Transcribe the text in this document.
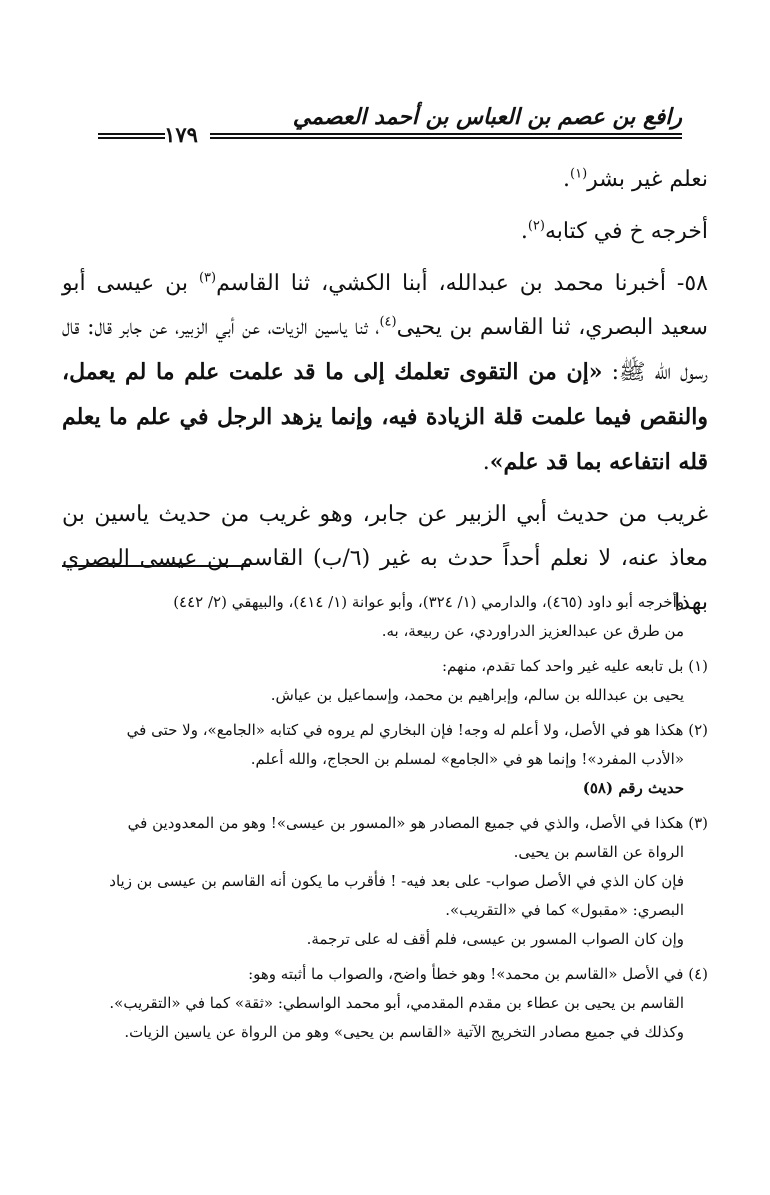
رافع بن عصم بن العباس بن أحمد العصمي
١٧٩

نعلم غير بشر$^{(١)}$.

أخرجه خ في كتابه$^{(٢)}$.

٥٨- أخبرنا محمد بن عبدالله، أبنا الكشي، ثنا القاسم$^{(٣)}$ بن عيسى أبو سعيد البصري، ثنا القاسم بن يحيى$^{(٤)}$، ثنا ياسين الزيات، عن أبي الزبير، عن جابر قال: قال رسول الله ﷺ: «إن من التقوى تعلمك إلى ما قد علمت علم ما لم يعمل، والنقص فيما علمت قلة الزيادة فيه، وإنما يزهد الرجل في علم ما يعلم قله انتفاعه بما قد علم».

غريب من حديث أبي الزبير عن جابر، وهو غريب من حديث ياسين بن معاذ عنه، لا نعلم أحداً حدث به غير (٦/ب) القاسم بن عيسى البصري بهذا

وأخرجه أبو داود (٤٦٥)، والدارمي (١/ ٣٢٤)، وأبو عوانة (١/ ٤١٤)، والبيهقي (٢/ ٤٤٢)

من طرق عن عبدالعزيز الدراوردي، عن ربيعة، به.

(١) بل تابعه عليه غير واحد كما تقدم، منهم:

يحيى بن عبدالله بن سالم، وإبراهيم بن محمد، وإسماعيل بن عياش.

(٢) هكذا هو في الأصل، ولا أعلم له وجه! فإن البخاري لم يروه في كتابه «الجامع»، ولا حتى في

«الأدب المفرد»! وإنما هو في «الجامع» لمسلم بن الحجاج، والله أعلم.

حديث رقم (٥٨)

(٣) هكذا في الأصل، والذي في جميع المصادر هو «المسور بن عيسى»! وهو من المعدودين في

الرواة عن القاسم بن يحيى.

فإن كان الذي في الأصل صواب- على بعد فيه- ! فأقرب ما يكون أنه القاسم بن عيسى بن زياد

البصري: «مقبول» كما في «التقريب».

وإن كان الصواب المسور بن عيسى، فلم أقف له على ترجمة.

(٤) في الأصل «القاسم بن محمد»! وهو خطأ واضح، والصواب ما أثبته وهو:

القاسم بن يحيى بن عطاء بن مقدم المقدمي، أبو محمد الواسطي: «ثقة» كما في «التقريب».

وكذلك في جميع مصادر التخريج الآتية «القاسم بن يحيى» وهو من الرواة عن ياسين الزيات.
